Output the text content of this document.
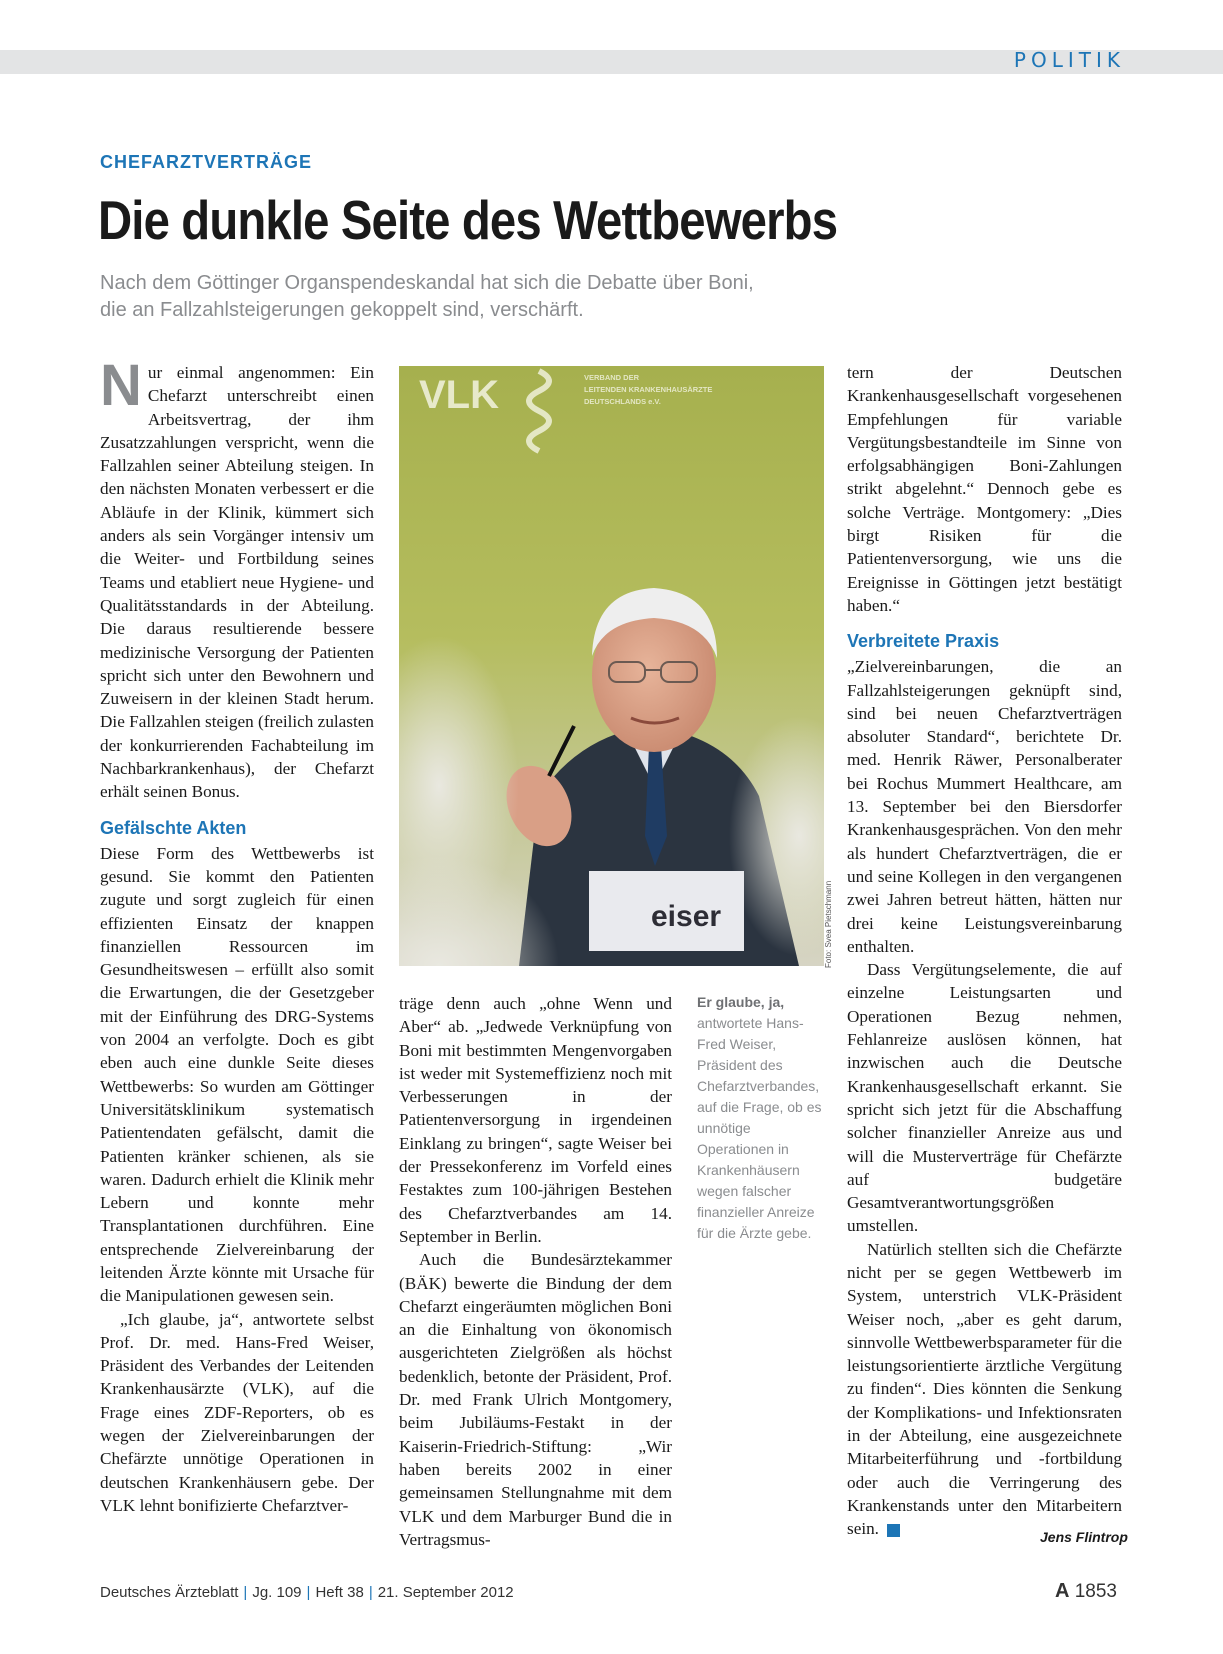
POLITIK
CHEFARZTVERTRÄGE
Die dunkle Seite des Wettbewerbs
Nach dem Göttinger Organspendeskandal hat sich die Debatte über Boni,
die an Fallzahlsteigerungen gekoppelt sind, verschärft.

Nur einmal angenommen: Ein Chefarzt unterschreibt einen Arbeitsvertrag, der ihm Zusatzzahlungen verspricht, wenn die Fallzahlen seiner Abteilung steigen. In den nächsten Monaten verbessert er die Abläufe in der Klinik, kümmert sich anders als sein Vorgänger intensiv um die Weiter- und Fortbildung seines Teams und etabliert neue Hygiene- und Qualitätsstandards in der Abteilung. Die daraus resultierende bessere medizinische Versorgung der Patienten spricht sich unter den Bewohnern und Zuweisern in der kleinen Stadt herum. Die Fallzahlen steigen (freilich zulasten der konkurrierenden Fachabteilung im Nachbarkrankenhaus), der Chefarzt erhält seinen Bonus.

Gefälschte Akten

Diese Form des Wettbewerbs ist gesund. Sie kommt den Patienten zugute und sorgt zugleich für einen effizienten Einsatz der knappen finanziellen Ressourcen im Gesundheitswesen – erfüllt also somit die Erwartungen, die der Gesetzgeber mit der Einführung des DRG-Systems von 2004 an verfolgte. Doch es gibt eben auch eine dunkle Seite dieses Wettbewerbs: So wurden am Göttinger Universitätsklinikum systematisch Patientendaten gefälscht, damit die Patienten kränker schienen, als sie waren. Dadurch erhielt die Klinik mehr Lebern und konnte mehr Transplantationen durchführen. Eine entsprechende Zielvereinbarung der leitenden Ärzte könnte mit Ursache für die Manipulationen gewesen sein.

„Ich glaube, ja“, antwortete selbst Prof. Dr. med. Hans-Fred Weiser, Präsident des Verbandes der Leitenden Krankenhausärzte (VLK), auf die Frage eines ZDF-Reporters, ob es wegen der Zielvereinbarungen der Chefärzte unnötige Operationen in deutschen Krankenhäusern gebe. Der VLK lehnt bonifizierte Chefarztver-

VLK	VERBAND DER
LEITENDEN KRANKENHAUSÄRZTE
DEUTSCHLANDS e.V.
eiser	Foto: Svea Pietschmann
Er glaube, ja, antwortete Hans-Fred Weiser, Präsident des Chefarztverbandes, auf die Frage, ob es unnötige Operationen in Krankenhäusern wegen falscher finanzieller Anreize für die Ärzte gebe.

träge denn auch „ohne Wenn und Aber“ ab. „Jedwede Verknüpfung von Boni mit bestimmten Mengenvorgaben ist weder mit Systemeffizienz noch mit Verbesserungen in der Patientenversorgung in irgendeinen Einklang zu bringen“, sagte Weiser bei der Pressekonferenz im Vorfeld eines Festaktes zum 100-jährigen Bestehen des Chefarztverbandes am 14. September in Berlin.

Auch die Bundesärztekammer (BÄK) bewerte die Bindung der dem Chefarzt eingeräumten möglichen Boni an die Einhaltung von ökonomisch ausgerichteten Zielgrößen als höchst bedenklich, betonte der Präsident, Prof. Dr. med Frank Ulrich Montgomery, beim Jubiläums-Festakt in der Kaiserin-Friedrich-Stiftung: „Wir haben bereits 2002 in einer gemeinsamen Stellungnahme mit dem VLK und dem Marburger Bund die in Vertragsmus-

tern der Deutschen Krankenhausgesellschaft vorgesehenen Empfehlungen für variable Vergütungsbestandteile im Sinne von erfolgsabhängigen Boni-Zahlungen strikt abgelehnt.“ Dennoch gebe es solche Verträge. Montgomery: „Dies birgt Risiken für die Patientenversorgung, wie uns die Ereignisse in Göttingen jetzt bestätigt haben.“

Verbreitete Praxis

„Zielvereinbarungen, die an Fallzahlsteigerungen geknüpft sind, sind bei neuen Chefarztverträgen absoluter Standard“, berichtete Dr. med. Henrik Räwer, Personalberater bei Rochus Mummert Healthcare, am 13. September bei den Biersdorfer Krankenhausgesprächen. Von den mehr als hundert Chefarztverträgen, die er und seine Kollegen in den vergangenen zwei Jahren betreut hätten, hätten nur drei keine Leistungsvereinbarung enthalten.

Dass Vergütungselemente, die auf einzelne Leistungsarten und Operationen Bezug nehmen, Fehlanreize auslösen können, hat inzwischen auch die Deutsche Krankenhausgesellschaft erkannt. Sie spricht sich jetzt für die Abschaffung solcher finanzieller Anreize aus und will die Musterverträge für Chefärzte auf budgetäre Gesamtverantwortungsgrößen umstellen.

Natürlich stellten sich die Chefärzte nicht per se gegen Wettbewerb im System, unterstrich VLK-Präsident Weiser noch, „aber es geht darum, sinnvolle Wettbewerbsparameter für die leistungsorientierte ärztliche Vergütung zu finden“. Dies könnten die Senkung der Komplikations- und Infektionsraten in der Abteilung, eine ausgezeichnete Mitarbeiterführung und -fortbildung oder auch die Verringerung des Krankenstands unter den Mitarbeitern sein.	Jens Flintrop
Deutsches Ärzteblatt | Jg. 109 | Heft 38 | 21. September 2012	A 1853
